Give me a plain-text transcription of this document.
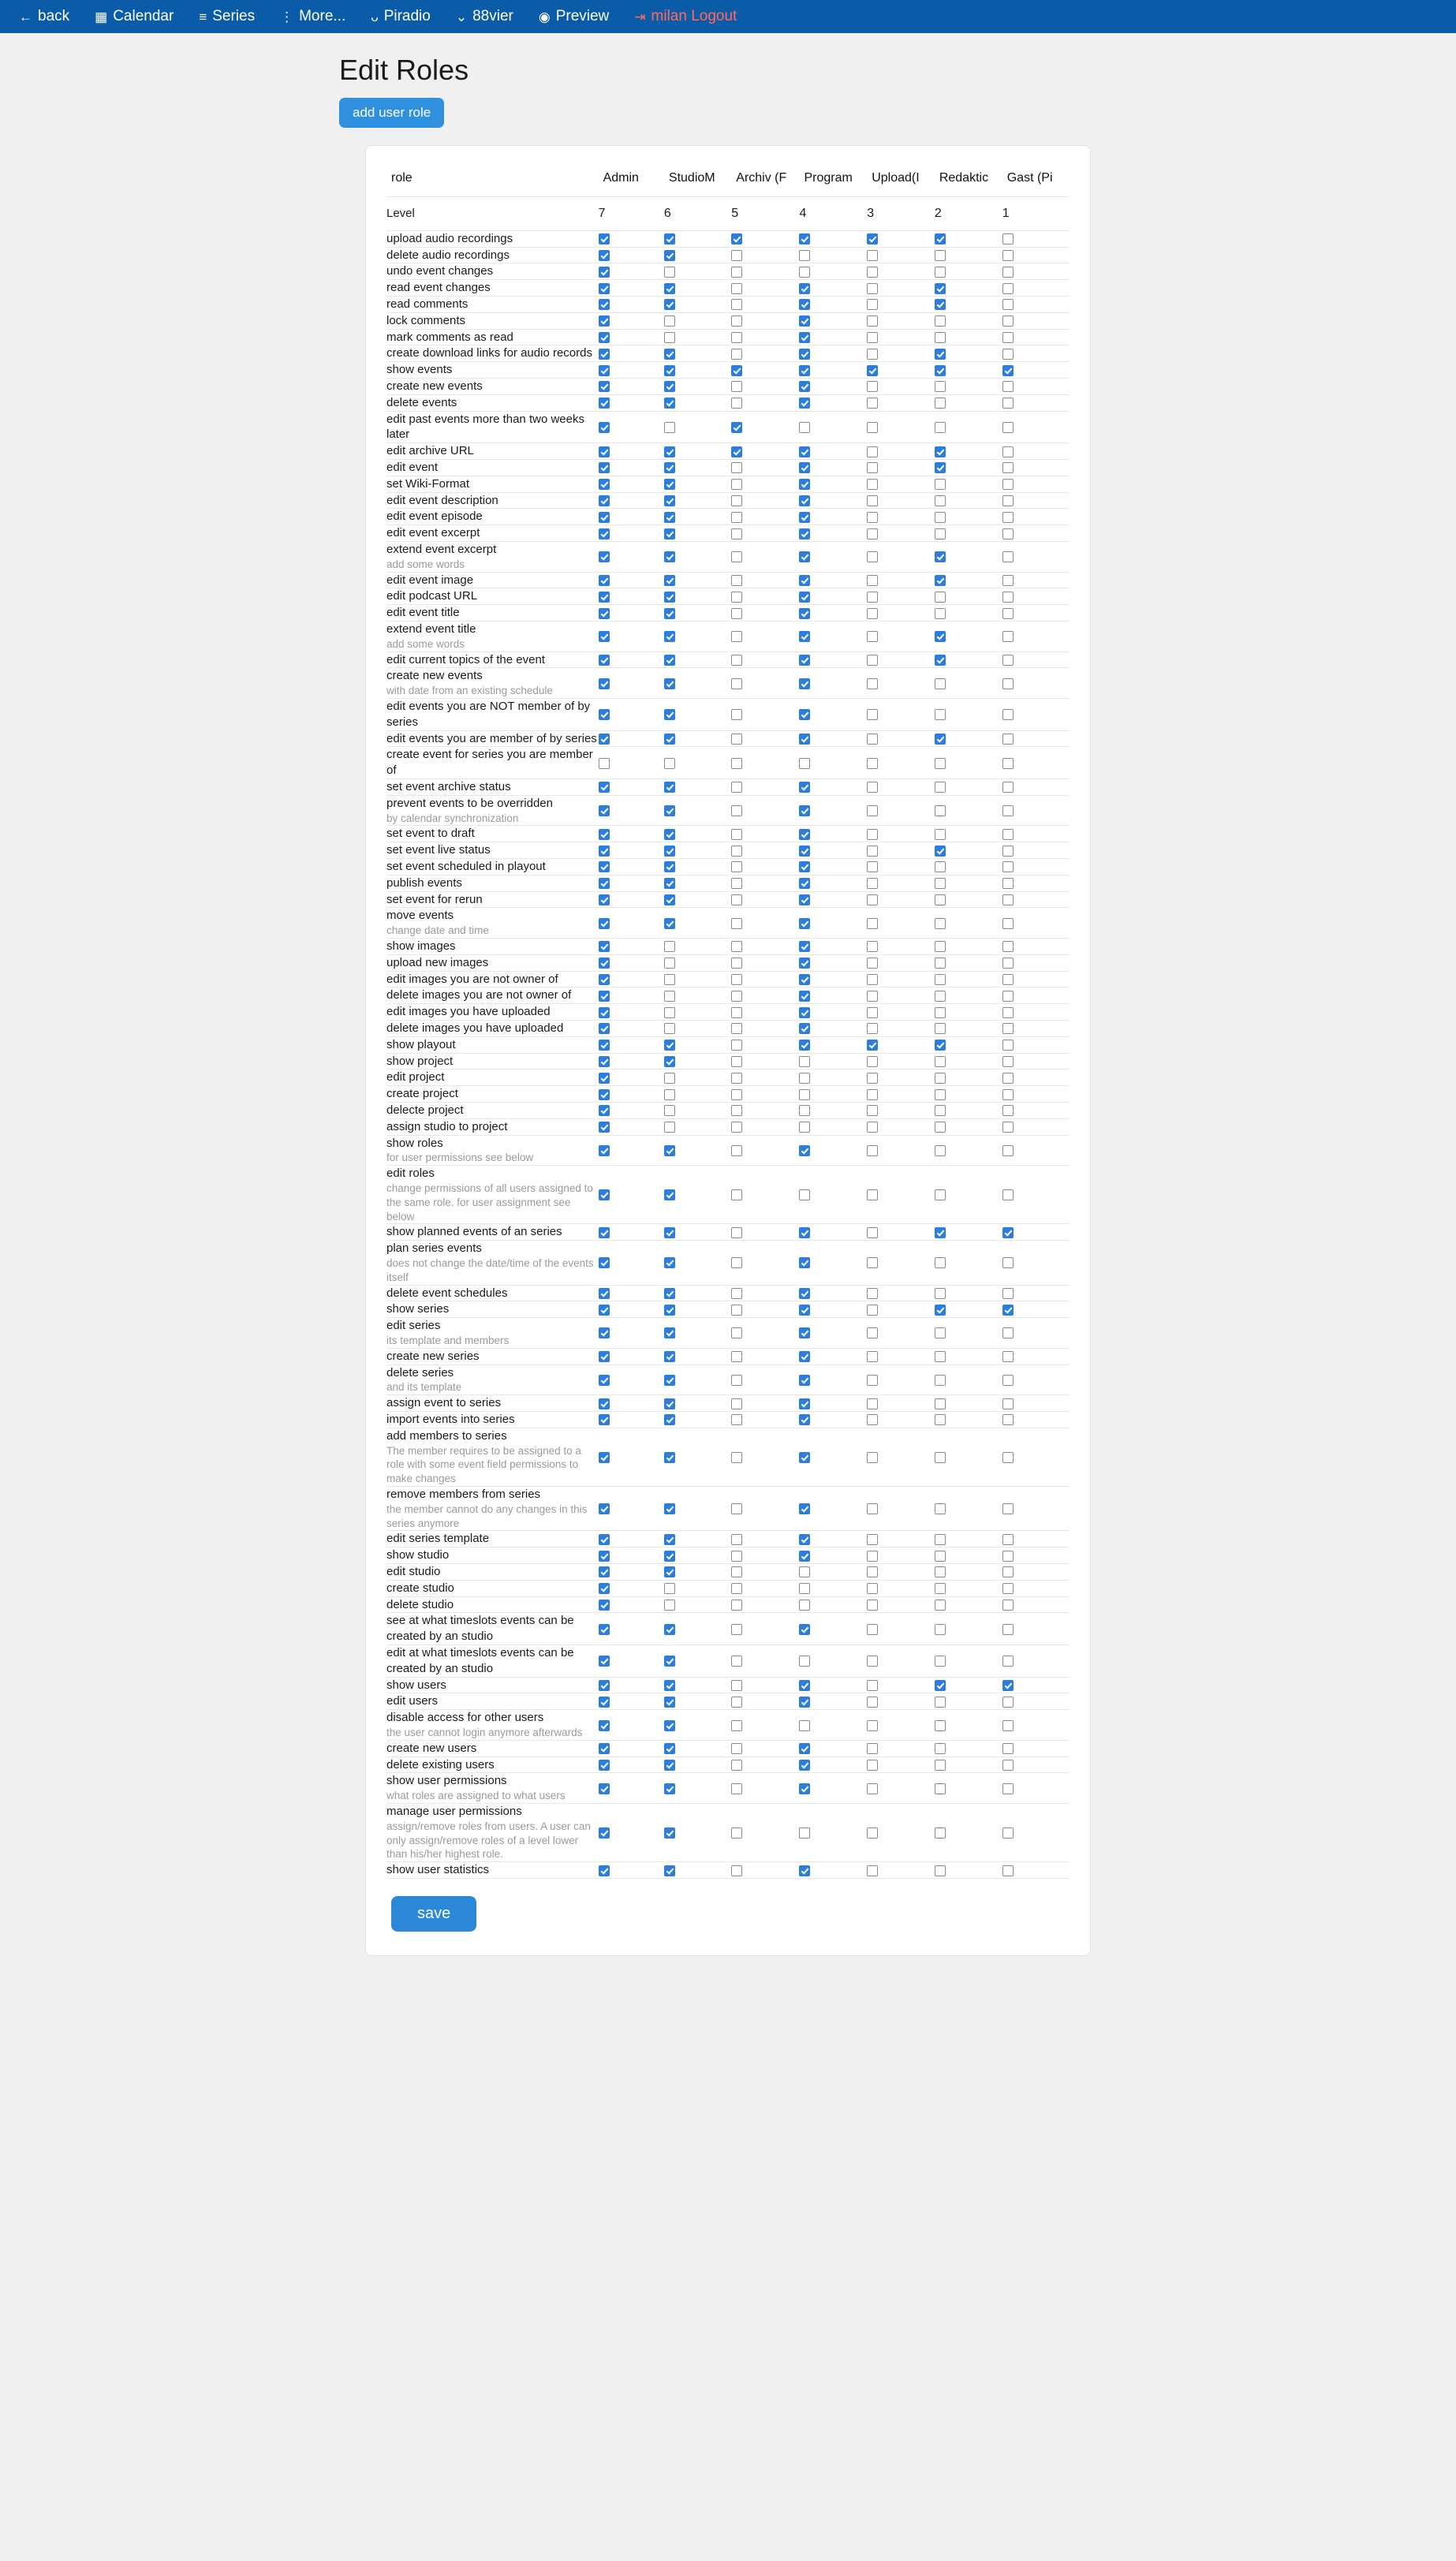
← back ▦ Calendar ≡ Series ⋮ More... ᴗ Piradio ⌄ 88vier ◉ Preview ⇥ milan Logout
Edit Roles
add user role
role	Admin	StudioM	Archiv (F	Program	Upload(I	Redaktic	Gast (Pi

Level	7	6	5	4	3	2	1

upload audio recordings

delete audio recordings

undo event changes

read event changes

read comments

lock comments

mark comments as read

create download links for audio records

show events

create new events

delete events

edit past events more than two weeks later

edit archive URL

edit event

set Wiki-Format

edit event description

edit event episode

edit event excerpt

extend event excerpt
add some words

edit event image

edit podcast URL

edit event title

extend event title
add some words

edit current topics of the event

create new events
with date from an existing schedule

edit events you are NOT member of by series

edit events you are member of by series

create event for series you are member of

set event archive status

prevent events to be overridden
by calendar synchronization

set event to draft

set event live status

set event scheduled in playout

publish events

set event for rerun

move events
change date and time

show images

upload new images

edit images you are not owner of

delete images you are not owner of

edit images you have uploaded

delete images you have uploaded

show playout

show project

edit project

create project

delecte project

assign studio to project

show roles
for user permissions see below

edit roles
change permissions of all users assigned to the same role. for user assignment see below

show planned events of an series

plan series events
does not change the date/time of the events itself

delete event schedules

show series

edit series
its template and members

create new series

delete series
and its template

assign event to series

import events into series

add members to series
The member requires to be assigned to a role with some event field permissions to make changes

remove members from series
the member cannot do any changes in this series anymore

edit series template

show studio

edit studio

create studio

delete studio

see at what timeslots events can be created by an studio

edit at what timeslots events can be created by an studio

show users

edit users

disable access for other users
the user cannot login anymore afterwards

create new users

delete existing users

show user permissions
what roles are assigned to what users

manage user permissions
assign/remove roles from users. A user can only assign/remove roles of a level lower than his/her highest role.

show user statistics

save
